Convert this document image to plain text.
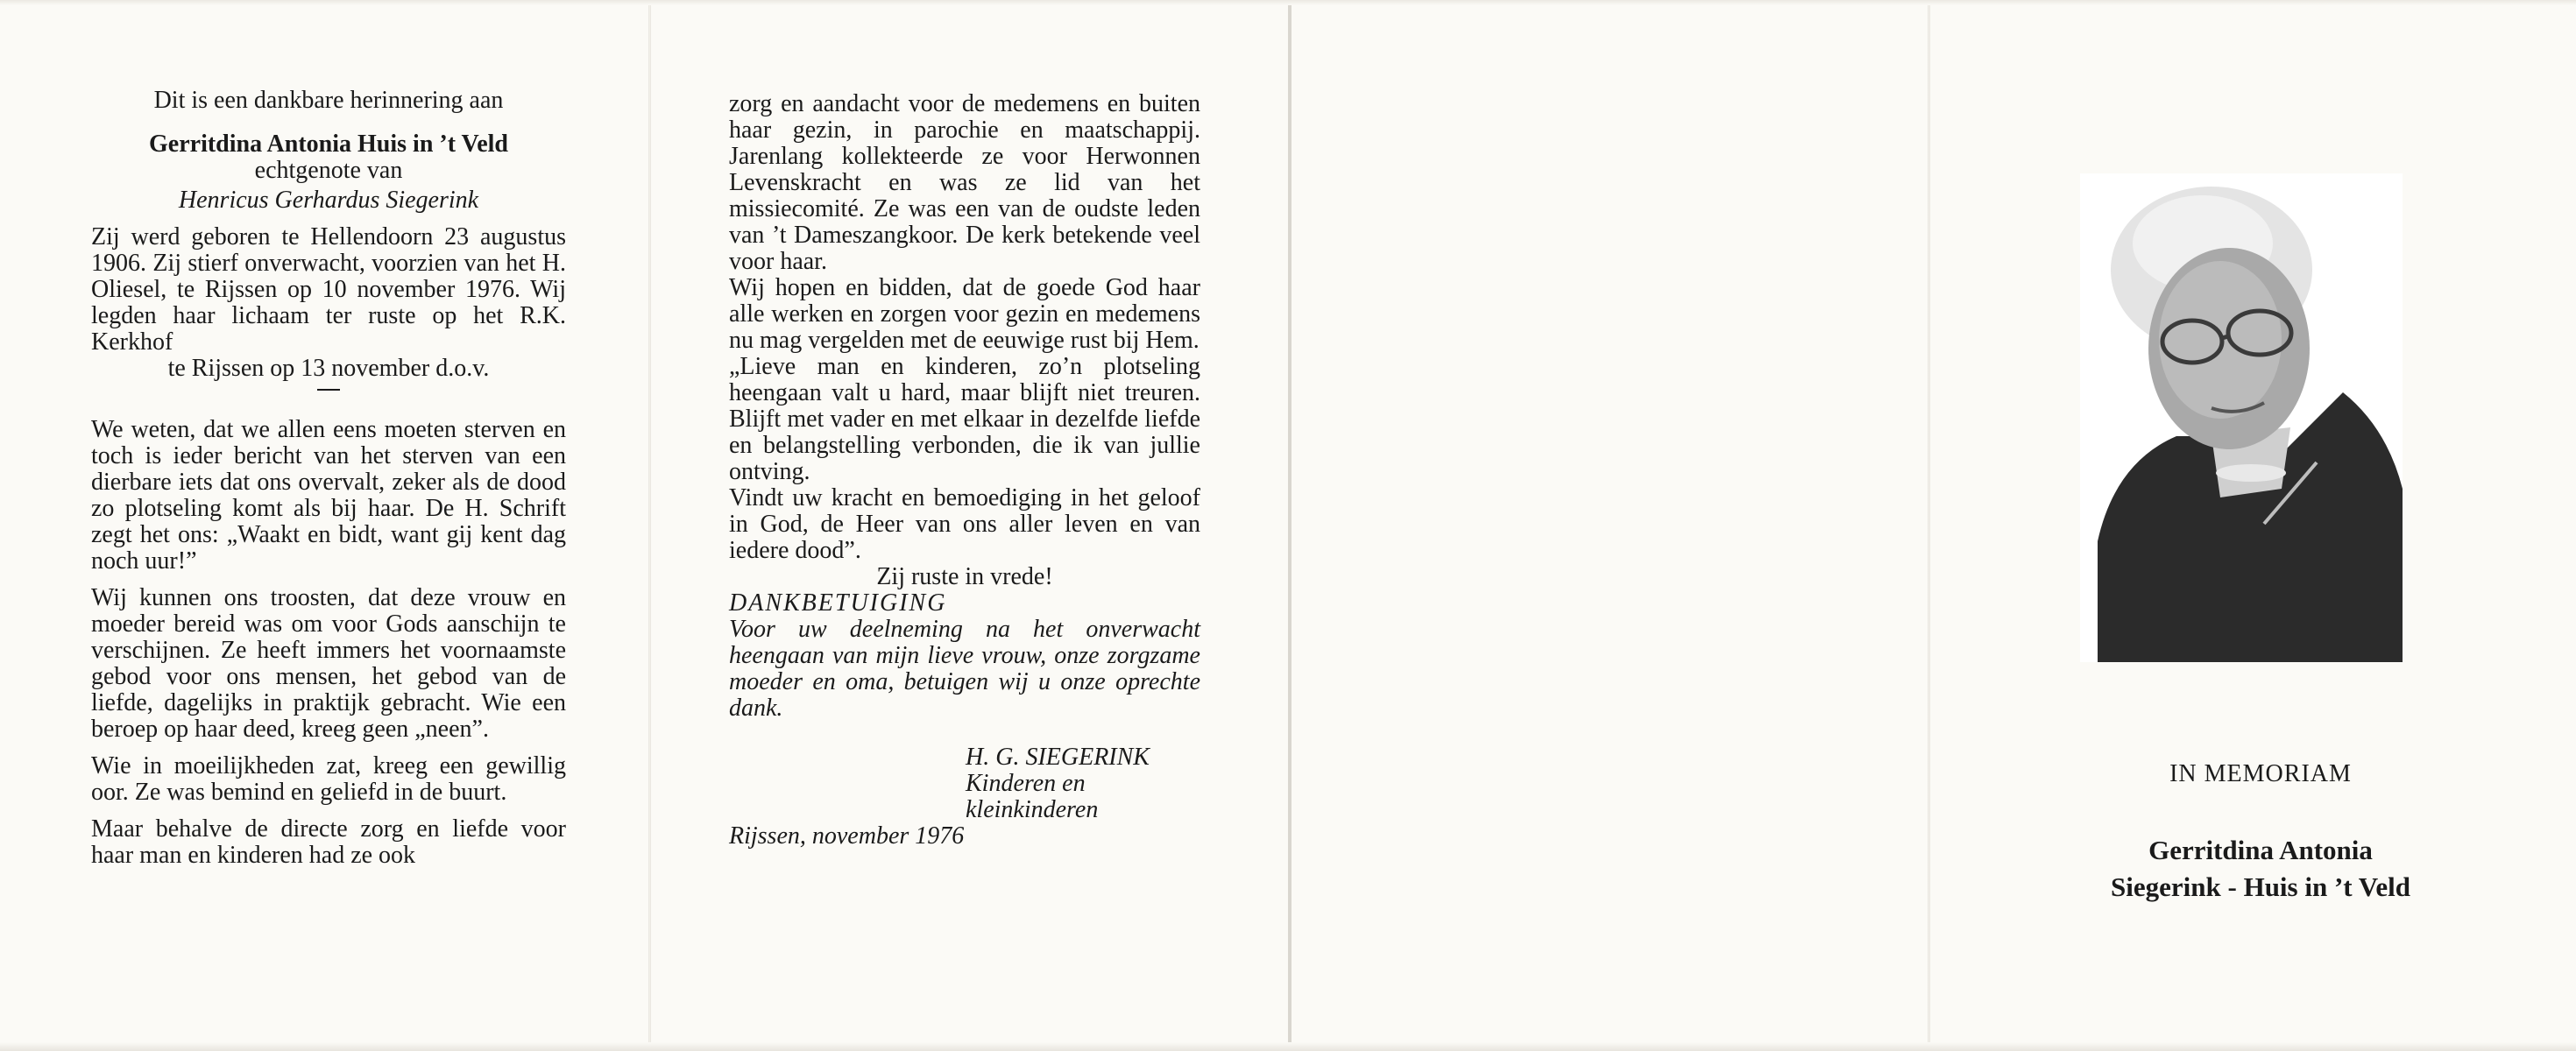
Dit is een dankbare herinnering aan

Gerritdina Antonia Huis in ’t Veld

echtgenote van

Henricus Gerhardus Siegerink

Zij werd geboren te Hellendoorn 23 augustus 1906. Zij stierf onverwacht, voorzien van het H. Oliesel, te Rijssen op 10 november 1976. Wij legden haar lichaam ter ruste op het R.K. Kerkhof

te Rijssen op 13 november d.o.v.

We weten, dat we allen eens moeten sterven en toch is ieder bericht van het sterven van een dierbare iets dat ons overvalt, zeker als de dood zo plotseling komt als bij haar. De H. Schrift zegt het ons: „Waakt en bidt, want gij kent dag noch uur!”

Wij kunnen ons troosten, dat deze vrouw en moeder bereid was om voor Gods aanschijn te verschijnen. Ze heeft immers het voornaamste gebod voor ons mensen, het gebod van de liefde, dagelijks in praktijk gebracht. Wie een beroep op haar deed, kreeg geen „neen”.

Wie in moeilijkheden zat, kreeg een gewillig oor. Ze was bemind en geliefd in de buurt.

Maar behalve de directe zorg en liefde voor haar man en kinderen had ze ook

zorg en aandacht voor de medemens en buiten haar gezin, in parochie en maatschappij. Jarenlang kollekteerde ze voor Herwonnen Levenskracht en was ze lid van het missiecomité. Ze was een van de oudste leden van ’t Dameszangkoor. De kerk betekende veel voor haar.

Wij hopen en bidden, dat de goede God haar alle werken en zorgen voor gezin en medemens nu mag vergelden met de eeuwige rust bij Hem.

„Lieve man en kinderen, zo’n plotseling heengaan valt u hard, maar blijft niet treuren. Blijft met vader en met elkaar in dezelfde liefde en belangstelling verbonden, die ik van jullie ontving.

Vindt uw kracht en bemoediging in het geloof in God, de Heer van ons aller leven en van iedere dood”.

Zij ruste in vrede!

DANKBETUIGING

Voor uw deelneming na het onverwacht heengaan van mijn lieve vrouw, onze zorgzame moeder en oma, betuigen wij u onze oprechte dank.

H. G. SIEGERINK
Kinderen en
kleinkinderen

Rijssen, november 1976

IN MEMORIAM
Gerritdina Antonia
Siegerink - Huis in ’t Veld
